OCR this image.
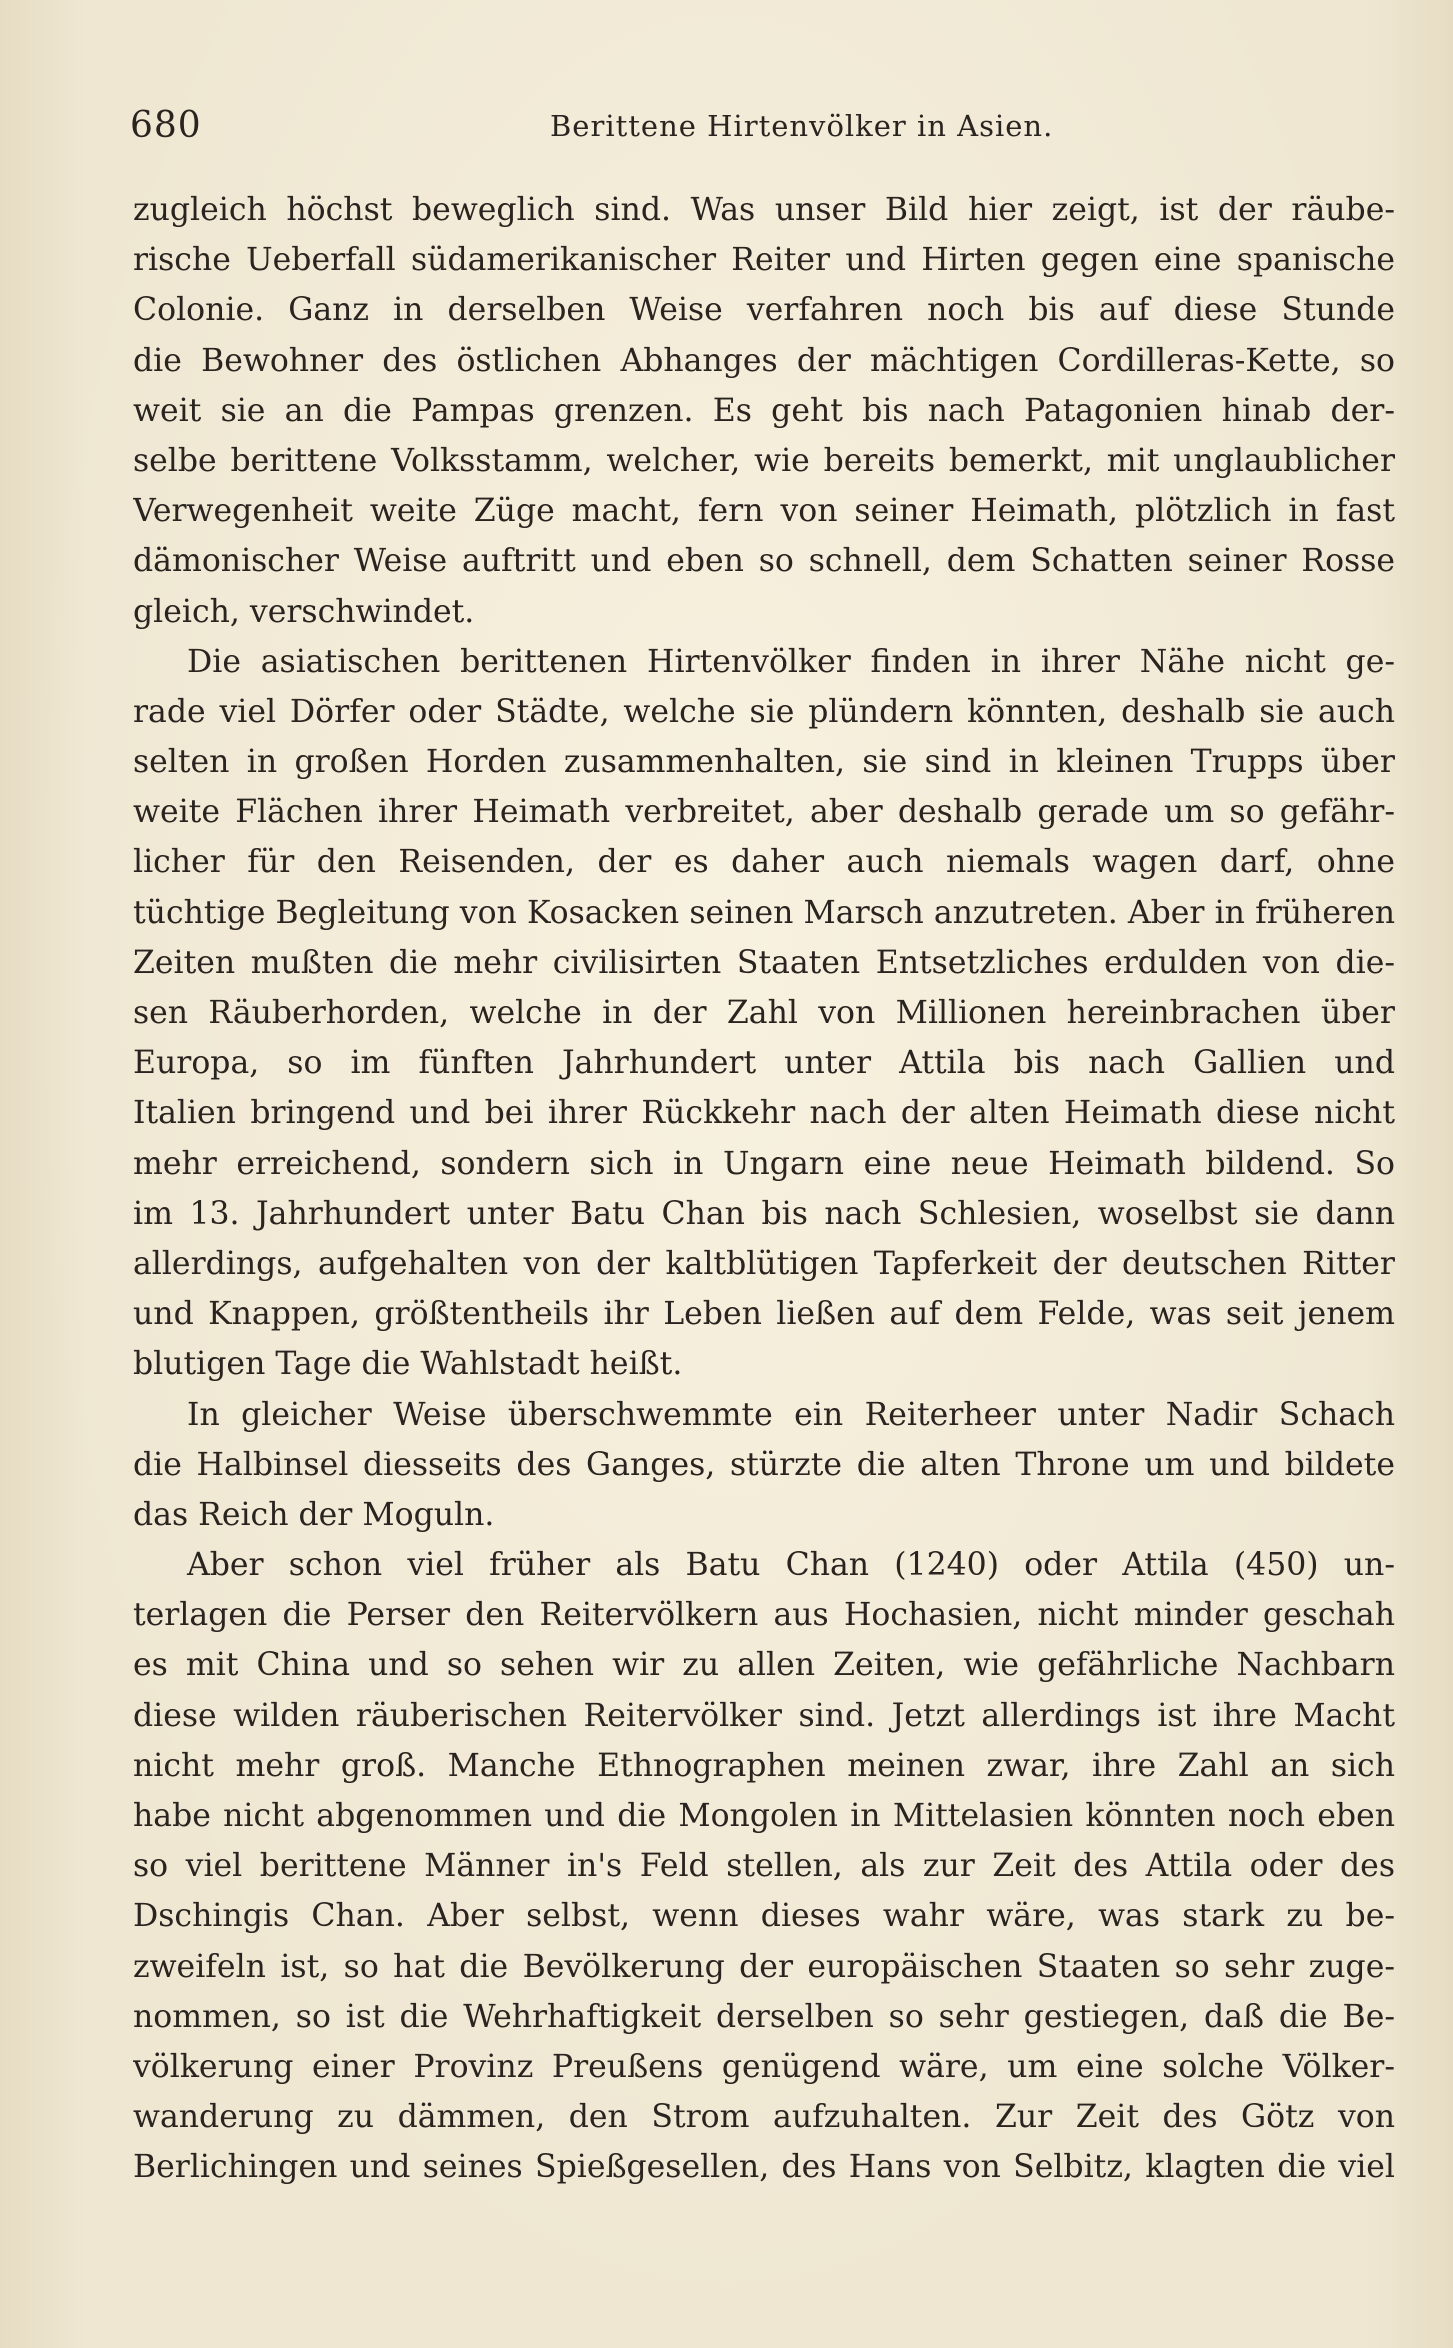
680	Berittene Hirtenvölker in Asien.
zugleich höchst beweglich sind. Was unser Bild hier zeigt, ist der räube-
rische Ueberfall südamerikanischer Reiter und Hirten gegen eine spanische
Colonie. Ganz in derselben Weise verfahren noch bis auf diese Stunde
die Bewohner des östlichen Abhanges der mächtigen Cordilleras-Kette, so
weit sie an die Pampas grenzen. Es geht bis nach Patagonien hinab der-
selbe berittene Volksstamm, welcher, wie bereits bemerkt, mit unglaublicher
Verwegenheit weite Züge macht, fern von seiner Heimath, plötzlich in fast
dämonischer Weise auftritt und eben so schnell, dem Schatten seiner Rosse
gleich, verschwindet.
Die asiatischen berittenen Hirtenvölker finden in ihrer Nähe nicht ge-
rade viel Dörfer oder Städte, welche sie plündern könnten, deshalb sie auch
selten in großen Horden zusammenhalten, sie sind in kleinen Trupps über
weite Flächen ihrer Heimath verbreitet, aber deshalb gerade um so gefähr-
licher für den Reisenden, der es daher auch niemals wagen darf, ohne
tüchtige Begleitung von Kosacken seinen Marsch anzutreten. Aber in früheren
Zeiten mußten die mehr civilisirten Staaten Entsetzliches erdulden von die-
sen Räuberhorden, welche in der Zahl von Millionen hereinbrachen über
Europa, so im fünften Jahrhundert unter Attila bis nach Gallien und
Italien bringend und bei ihrer Rückkehr nach der alten Heimath diese nicht
mehr erreichend, sondern sich in Ungarn eine neue Heimath bildend. So
im 13. Jahrhundert unter Batu Chan bis nach Schlesien, woselbst sie dann
allerdings, aufgehalten von der kaltblütigen Tapferkeit der deutschen Ritter
und Knappen, größtentheils ihr Leben ließen auf dem Felde, was seit jenem
blutigen Tage die Wahlstadt heißt.
In gleicher Weise überschwemmte ein Reiterheer unter Nadir Schach
die Halbinsel diesseits des Ganges, stürzte die alten Throne um und bildete
das Reich der Moguln.
Aber schon viel früher als Batu Chan (1240) oder Attila (450) un-
terlagen die Perser den Reitervölkern aus Hochasien, nicht minder geschah
es mit China und so sehen wir zu allen Zeiten, wie gefährliche Nachbarn
diese wilden räuberischen Reitervölker sind. Jetzt allerdings ist ihre Macht
nicht mehr groß. Manche Ethnographen meinen zwar, ihre Zahl an sich
habe nicht abgenommen und die Mongolen in Mittelasien könnten noch eben
so viel berittene Männer in's Feld stellen, als zur Zeit des Attila oder des
Dschingis Chan. Aber selbst, wenn dieses wahr wäre, was stark zu be-
zweifeln ist, so hat die Bevölkerung der europäischen Staaten so sehr zuge-
nommen, so ist die Wehrhaftigkeit derselben so sehr gestiegen, daß die Be-
völkerung einer Provinz Preußens genügend wäre, um eine solche Völker-
wanderung zu dämmen, den Strom aufzuhalten. Zur Zeit des Götz von
Berlichingen und seines Spießgesellen, des Hans von Selbitz, klagten die viel
